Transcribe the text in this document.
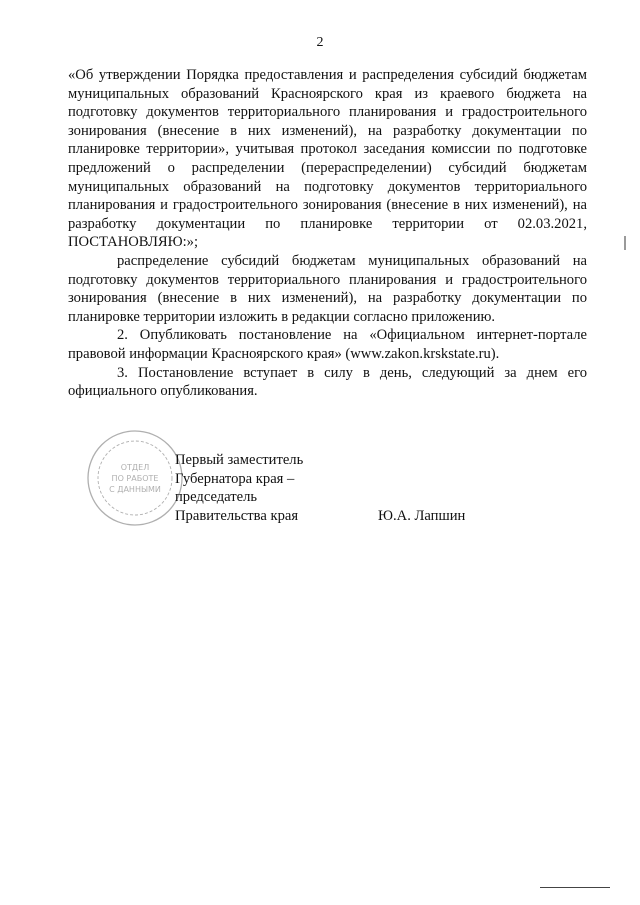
2

«Об утверждении Порядка предоставления и распределения субсидий бюджетам муниципальных образований Красноярского края из краевого бюджета на подготовку документов территориального планирования и градостроительного зонирования (внесение в них изменений), на разработку документации по планировке территории», учитывая протокол заседания комиссии по подготовке предложений о распределении (перераспределении) субсидий бюджетам муниципальных образований на подготовку документов территориального планирования и градостроительного зонирования (внесение в них изменений), на разработку документации по планировке территории от 02.03.2021, ПОСТАНОВЛЯЮ:»;

распределение субсидий бюджетам муниципальных образований на подготовку документов территориального планирования и градостроительного зонирования (внесение в них изменений), на разработку документации по планировке территории изложить в редакции согласно приложению.

2. Опубликовать постановление на «Официальном интернет-портале правовой информации Красноярского края» (www.zakon.krskstate.ru).

3. Постановление вступает в силу в день, следующий за днем его официального опубликования.

ОТДЕЛ
ПО РАБОТЕ
С ДАННЫМИ
Первый заместитель
Губернатора края –
председатель
Правительства края	Ю.А. Лапшин
